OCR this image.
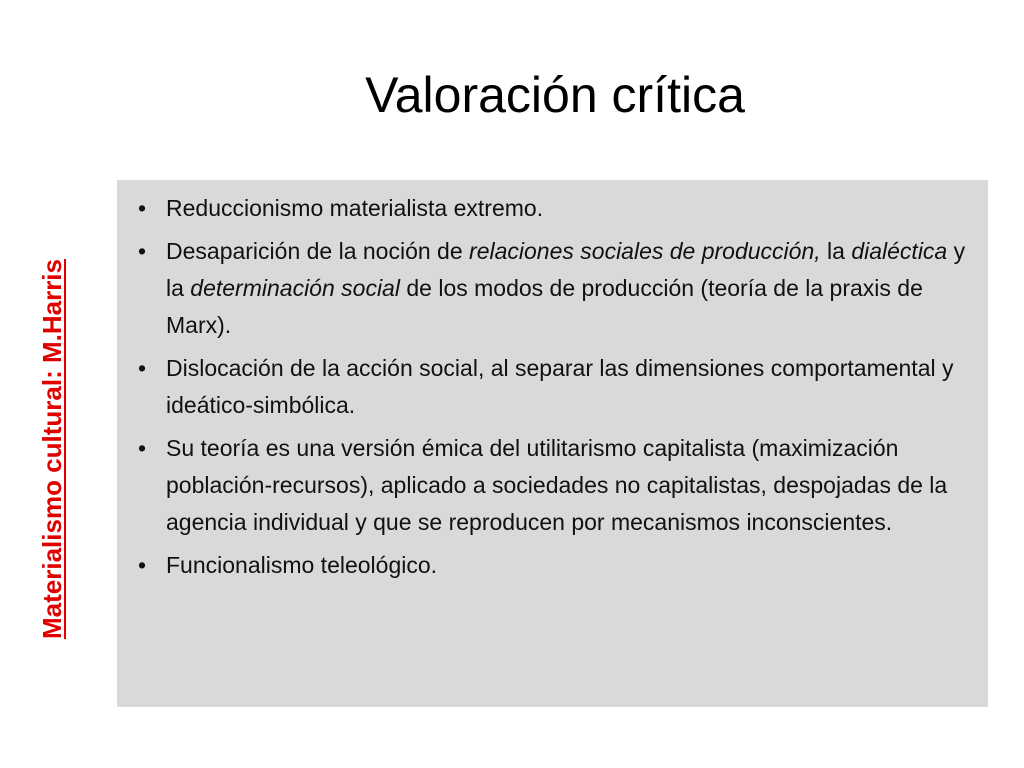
Valoración crítica
Materialismo cultural: M.Harris
• Reduccionismo materialista extremo.
• Desaparición de la noción de relaciones sociales de producción, la dialéctica y la determinación social de los modos de producción (teoría de la praxis de Marx).
• Dislocación de la acción social, al separar las dimensiones comportamental y ideático-simbólica.
• Su teoría es una versión émica del utilitarismo capitalista (maximización población-recursos), aplicado a sociedades no capitalistas, despojadas de la agencia individual y que se reproducen por mecanismos inconscientes.
• Funcionalismo teleológico.
